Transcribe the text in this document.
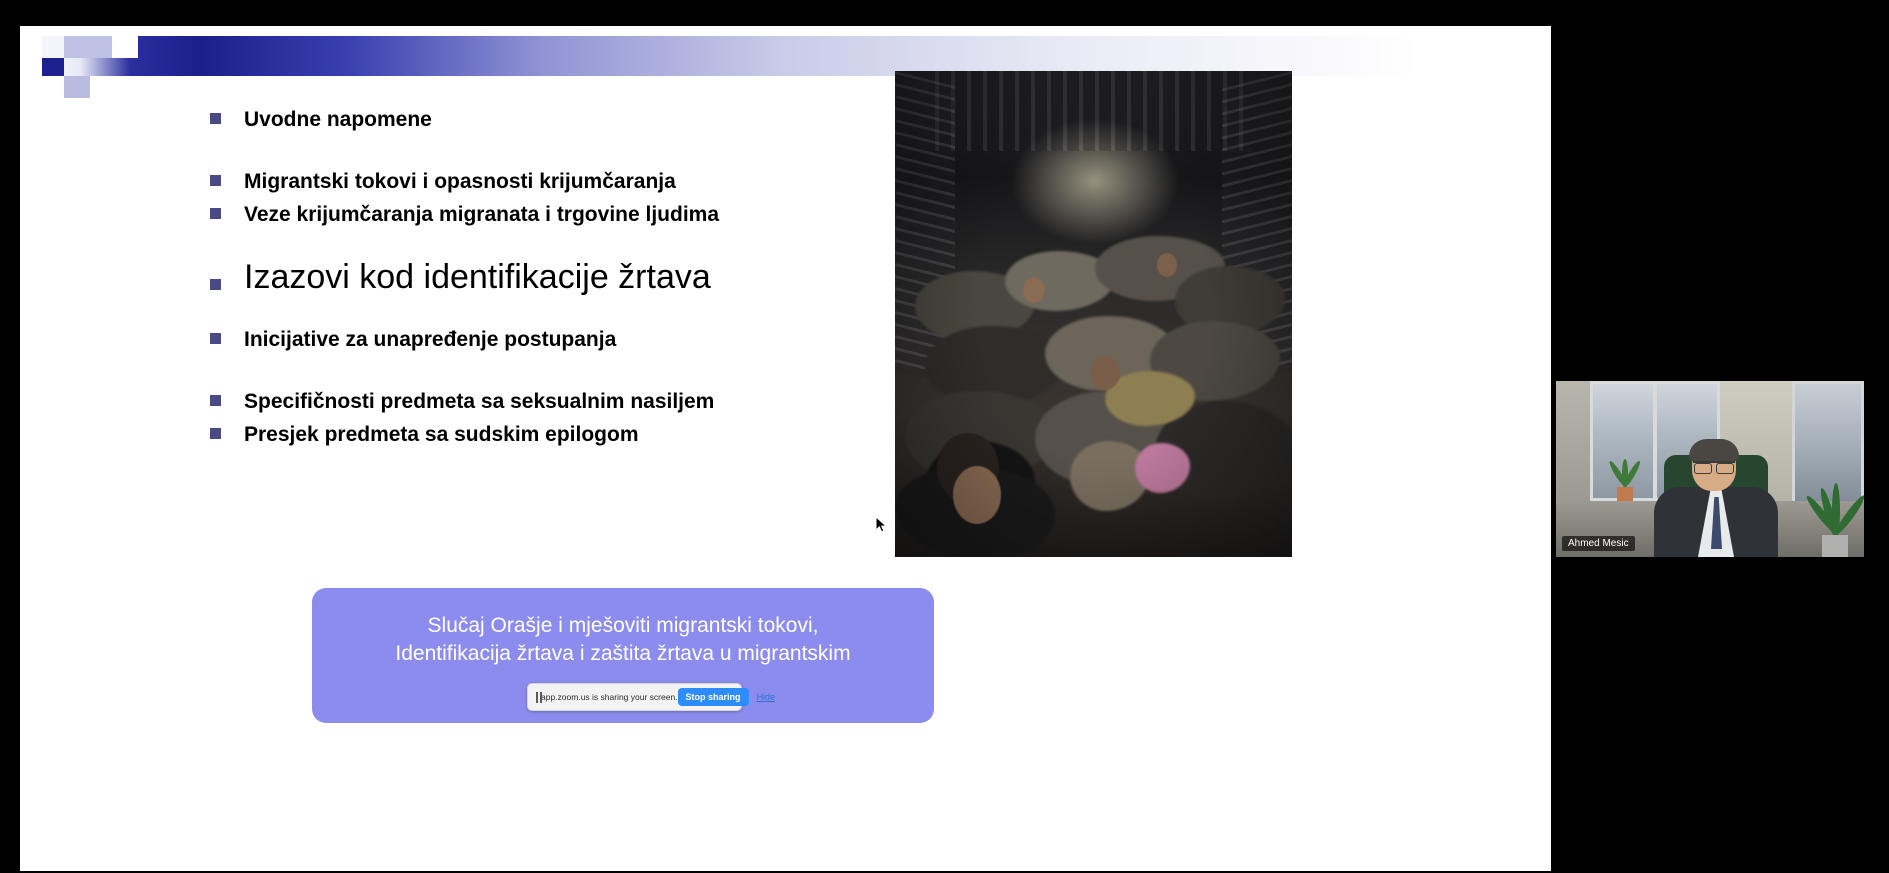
Uvodne napomene
Migrantski tokovi i opasnosti krijumčaranja
Veze krijumčaranja migranata i trgovine ljudima
Izazovi kod identifikacije žrtava
Inicijative za unapređenje postupanja
Specifičnosti predmeta sa seksualnim nasiljem
Presjek predmeta sa sudskim epilogom
Slučaj Orašje i mješoviti migrantski tokovi,
Identifikacija žrtava i zaštita žrtava u migrantskim
app.zoom.us is sharing your screen. Stop sharing	Hide
Ahmed Mesic
